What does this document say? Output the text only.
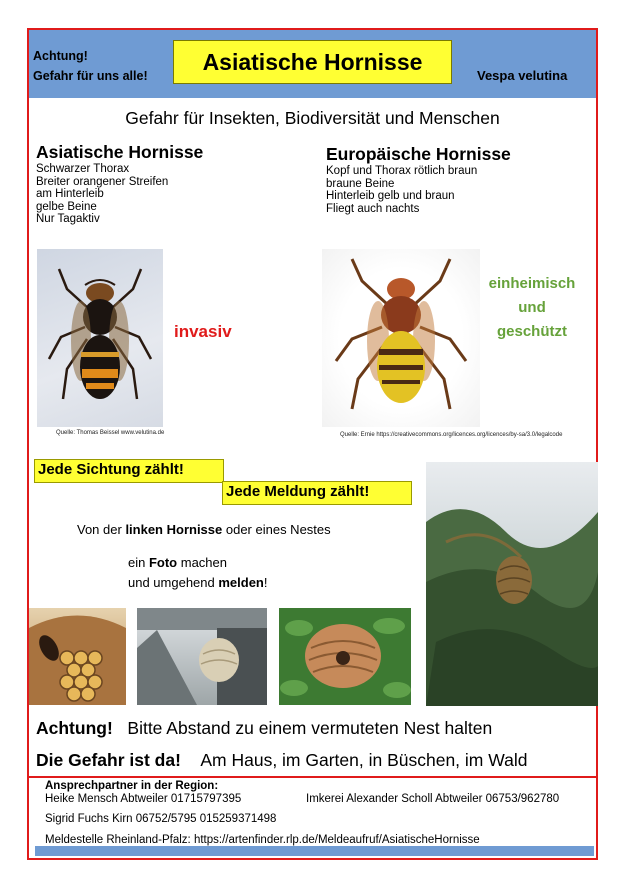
Achtung!
Gefahr für uns alle!
Asiatische Hornisse
Vespa velutina
Gefahr für Insekten, Biodiversität und Menschen
Asiatische Hornisse
Schwarzer Thorax
Breiter orangener Streifen
am Hinterleib
gelbe Beine
Nur Tagaktiv
Europäische Hornisse
Kopf und Thorax rötlich braun
braune Beine
Hinterleib gelb und braun
Fliegt auch nachts
Quelle: Thomas Beissel www.velutina.de
invasiv
Quelle: Ernie https://creativecommons.org/licences.org/licences/by-sa/3.0/legalcode
einheimisch
und
geschützt
Jede Sichtung zählt!
Jede Meldung zählt!
Von der linken Hornisse oder eines Nestes
ein Foto machen
und umgehend melden!
Achtung! Bitte Abstand zu einem vermuteten Nest halten
Die Gefahr ist da! Am Haus, im Garten, in Büschen, im Wald
Ansprechpartner in der Region:
Heike Mensch Abtweiler 01715797395	Imkerei Alexander Scholl Abtweiler 06753/962780
Sigrid Fuchs Kirn 06752/5795 015259371498
Meldestelle Rheinland-Pfalz: https://artenfinder.rlp.de/Meldeaufruf/AsiatischeHornisse
